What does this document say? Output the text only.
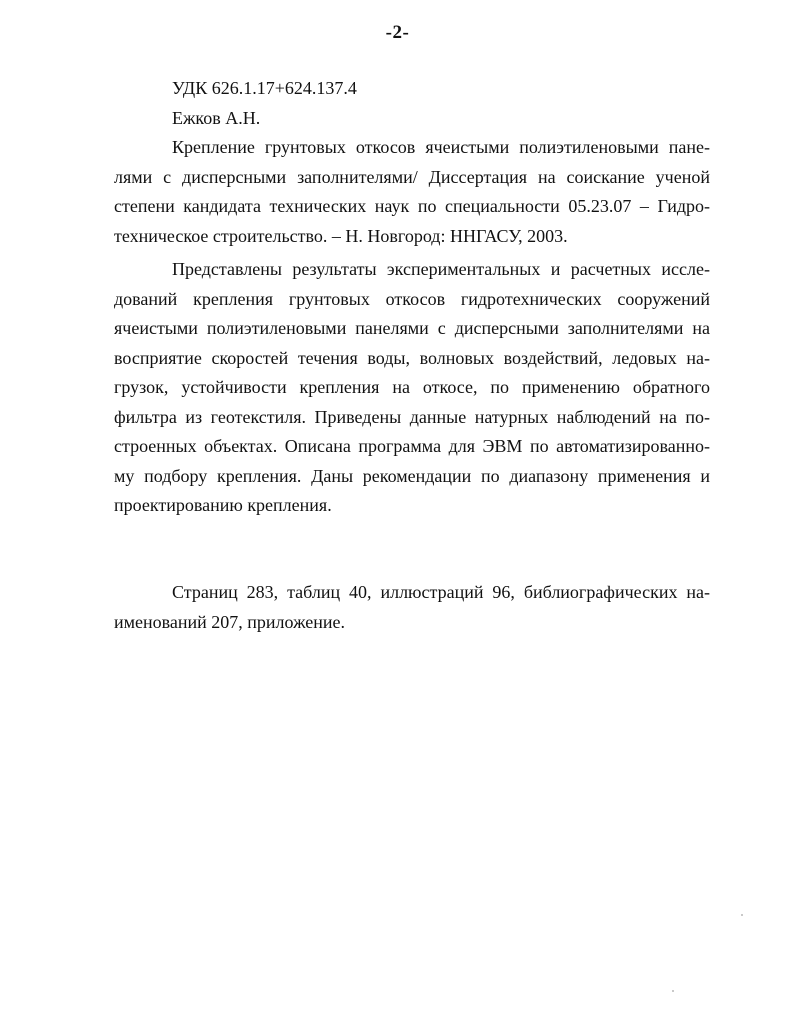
-2-
УДК 626.1.17+624.137.4
Ежков А.Н.
Крепление грунтовых откосов ячеистыми полиэтиленовыми пане-
лями с дисперсными заполнителями/ Диссертация на соискание ученой
степени кандидата технических наук по специальности 05.23.07 – Гидро-
техническое строительство. – Н. Новгород: ННГАСУ, 2003.
Представлены результаты экспериментальных и расчетных иссле-
дований крепления грунтовых откосов гидротехнических сооружений
ячеистыми полиэтиленовыми панелями с дисперсными заполнителями на
восприятие скоростей течения воды, волновых воздействий, ледовых на-
грузок, устойчивости крепления на откосе, по применению обратного
фильтра из геотекстиля. Приведены данные натурных наблюдений на по-
строенных объектах. Описана программа для ЭВМ по автоматизированно-
му подбору крепления. Даны рекомендации по диапазону применения и
проектированию крепления.
Страниц 283, таблиц 40, иллюстраций 96, библиографических на-
именований 207, приложение.
